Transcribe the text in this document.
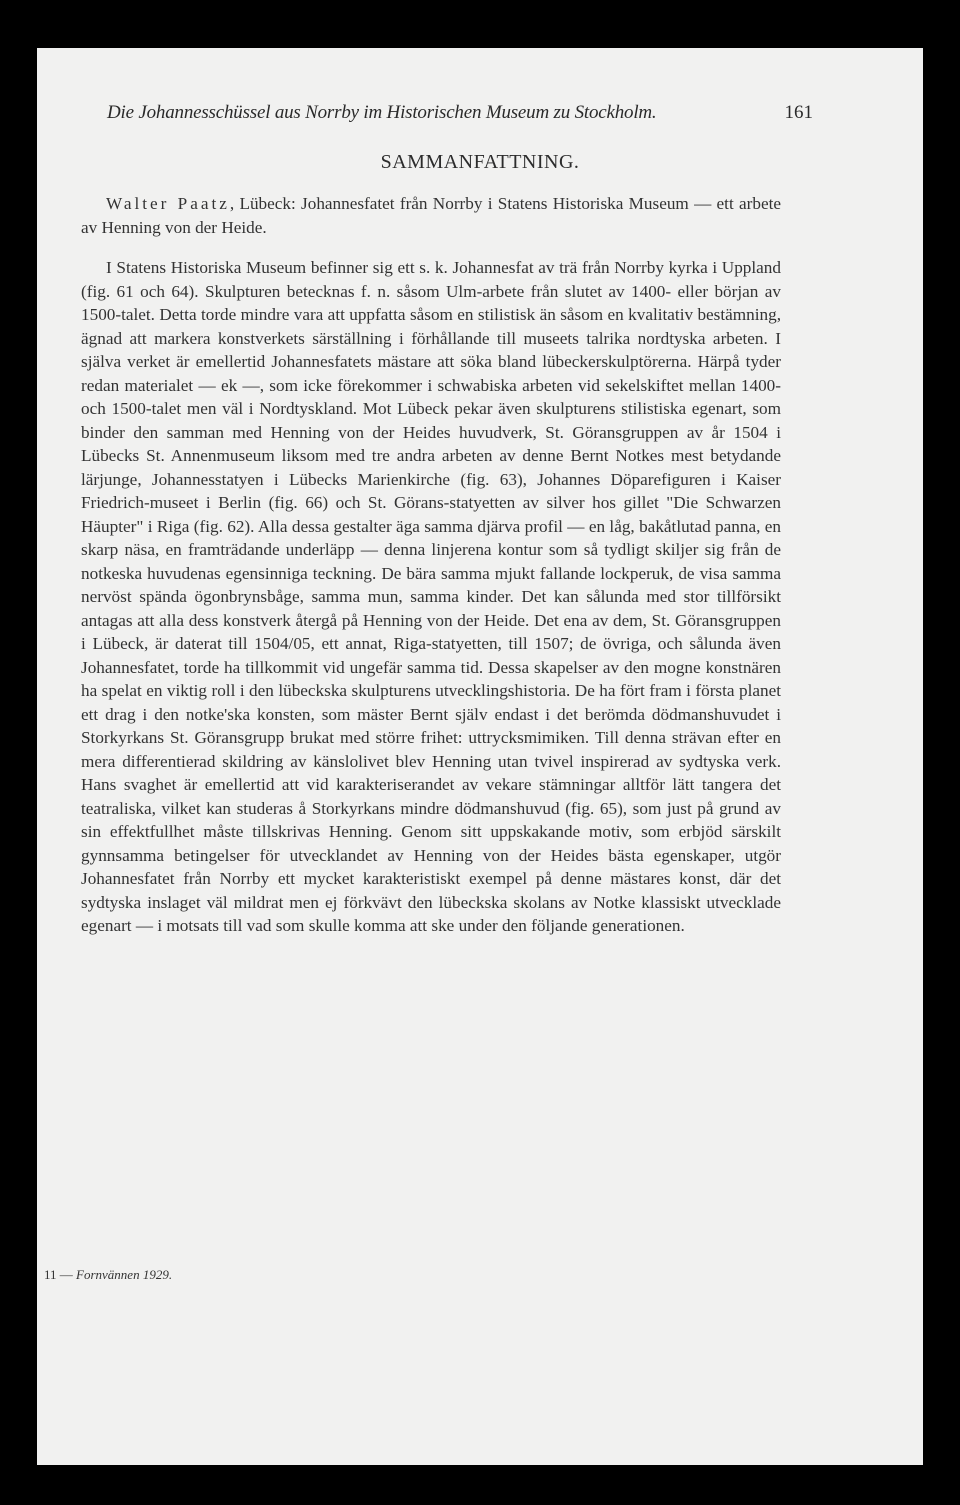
Die Johannesschüssel aus Norrby im Historischen Museum zu Stockholm.	161
SAMMANFATTNING.

Walter Paatz, Lübeck: Johannesfatet från Norrby i Statens Historiska Museum — ett arbete av Henning von der Heide.

I Statens Historiska Museum befinner sig ett s. k. Johannesfat av trä från Norrby kyrka i Uppland (fig. 61 och 64). Skulpturen betecknas f. n. såsom Ulm-arbete från slutet av 1400- eller början av 1500-talet. Detta torde mindre vara att uppfatta såsom en stilistisk än såsom en kvalitativ bestämning, ägnad att markera konstverkets särställning i förhållande till museets talrika nordtyska arbeten. I själva verket är emellertid Johannesfatets mästare att söka bland lübeckerskulptörerna. Härpå tyder redan materialet — ek —, som icke förekommer i schwabiska arbeten vid sekelskiftet mellan 1400- och 1500-talet men väl i Nordtyskland. Mot Lübeck pekar även skulpturens stilistiska egenart, som binder den samman med Henning von der Heides huvudverk, St. Göransgruppen av år 1504 i Lübecks St. Annenmuseum liksom med tre andra arbeten av denne Bernt Notkes mest betydande lärjunge, Johannesstatyen i Lübecks Marienkirche (fig. 63), Johannes Döparefiguren i Kaiser Friedrich-museet i Berlin (fig. 66) och St. Görans-statyetten av silver hos gillet "Die Schwarzen Häupter" i Riga (fig. 62). Alla dessa gestalter äga samma djärva profil — en låg, bakåtlutad panna, en skarp näsa, en framträdande underläpp — denna linjerena kontur som så tydligt skiljer sig från de notkeska huvudenas egensinniga teckning. De bära samma mjukt fallande lockperuk, de visa samma nervöst spända ögonbrynsbåge, samma mun, samma kinder. Det kan sålunda med stor tillförsikt antagas att alla dess konstverk återgå på Henning von der Heide. Det ena av dem, St. Göransgruppen i Lübeck, är daterat till 1504/05, ett annat, Riga-statyetten, till 1507; de övriga, och sålunda även Johannesfatet, torde ha tillkommit vid ungefär samma tid. Dessa skapelser av den mogne konstnären ha spelat en viktig roll i den lübeckska skulpturens utvecklingshistoria. De ha fört fram i första planet ett drag i den notke'ska konsten, som mäster Bernt själv endast i det berömda dödmanshuvudet i Storkyrkans St. Göransgrupp brukat med större frihet: uttrycksmimiken. Till denna strävan efter en mera differentierad skildring av känslolivet blev Henning utan tvivel inspirerad av sydtyska verk. Hans svaghet är emellertid att vid karakteriserandet av vekare stämningar alltför lätt tangera det teatraliska, vilket kan studeras å Storkyrkans mindre dödmanshuvud (fig. 65), som just på grund av sin effektfullhet måste tillskrivas Henning. Genom sitt uppskakande motiv, som erbjöd särskilt gynnsamma betingelser för utvecklandet av Henning von der Heides bästa egenskaper, utgör Johannesfatet från Norrby ett mycket karakteristiskt exempel på denne mästares konst, där det sydtyska inslaget väl mildrat men ej förkvävt den lübeckska skolans av Notke klassiskt utvecklade egenart — i motsats till vad som skulle komma att ske under den följande generationen.

11 — Fornvännen 1929.
